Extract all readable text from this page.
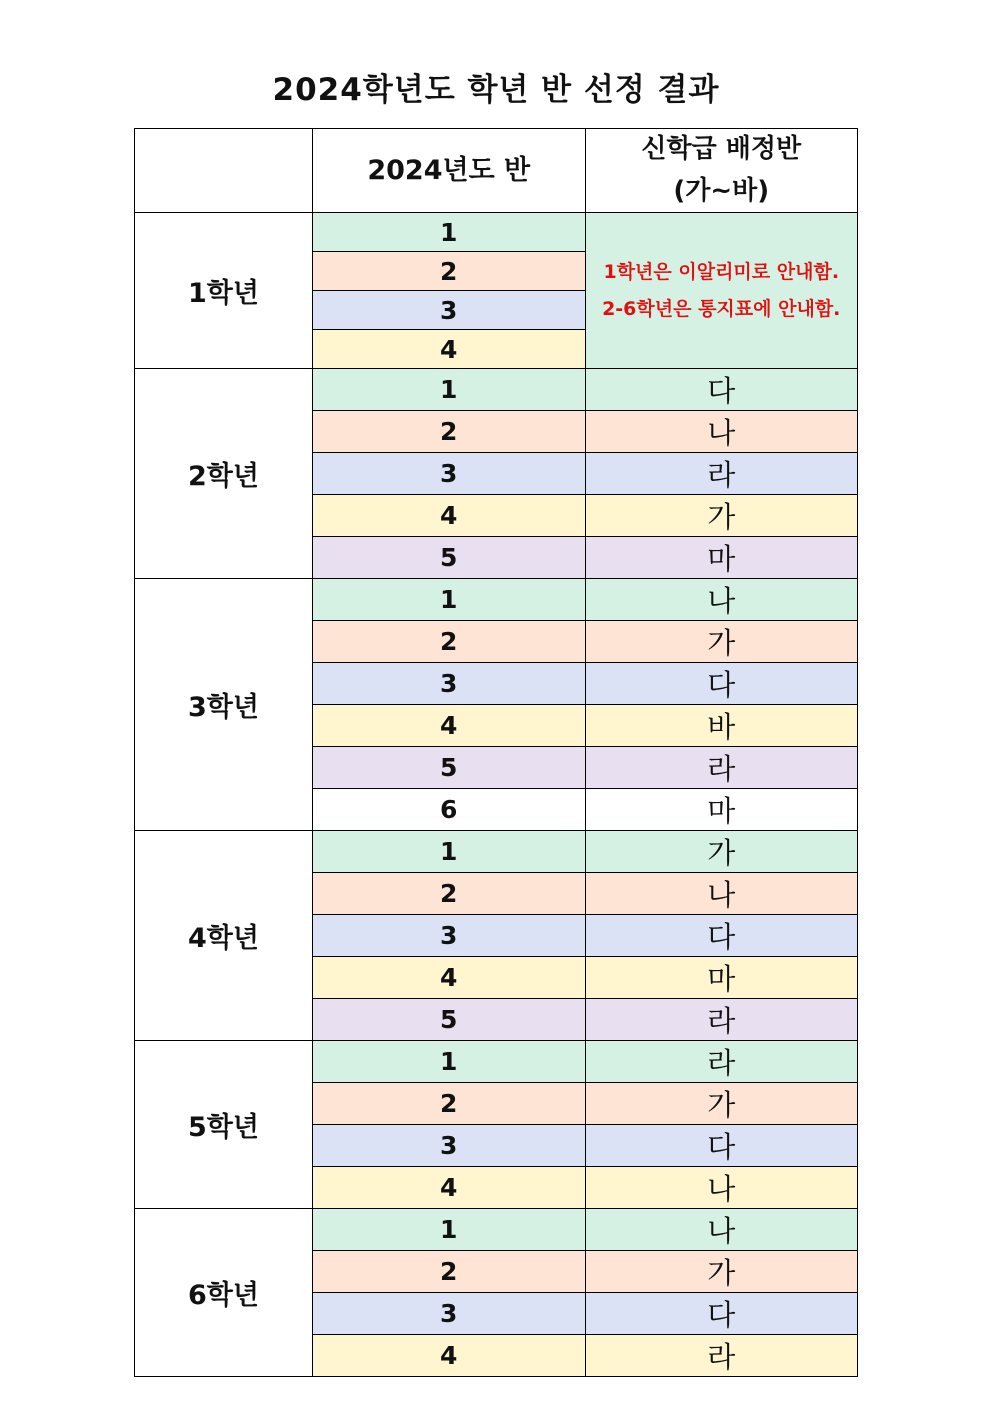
2024학년도 학년 반 선정 결과
	2024년도 반	신학급 배정반
(가~바)

1학년	1	1학년은 이알리미로 안내함.
2-6학년은 통지표에 안내함.

	2	
	3	
	4	
2학년	1	다
	2	나
	3	라
	4	가
	5	마
3학년	1	나
	2	가
	3	다
	4	바
	5	라
	6	마
4학년	1	가
	2	나
	3	다
	4	마
	5	라
5학년	1	라
	2	가
	3	다
	4	나
6학년	1	나
	2	가
	3	다
	4	라
